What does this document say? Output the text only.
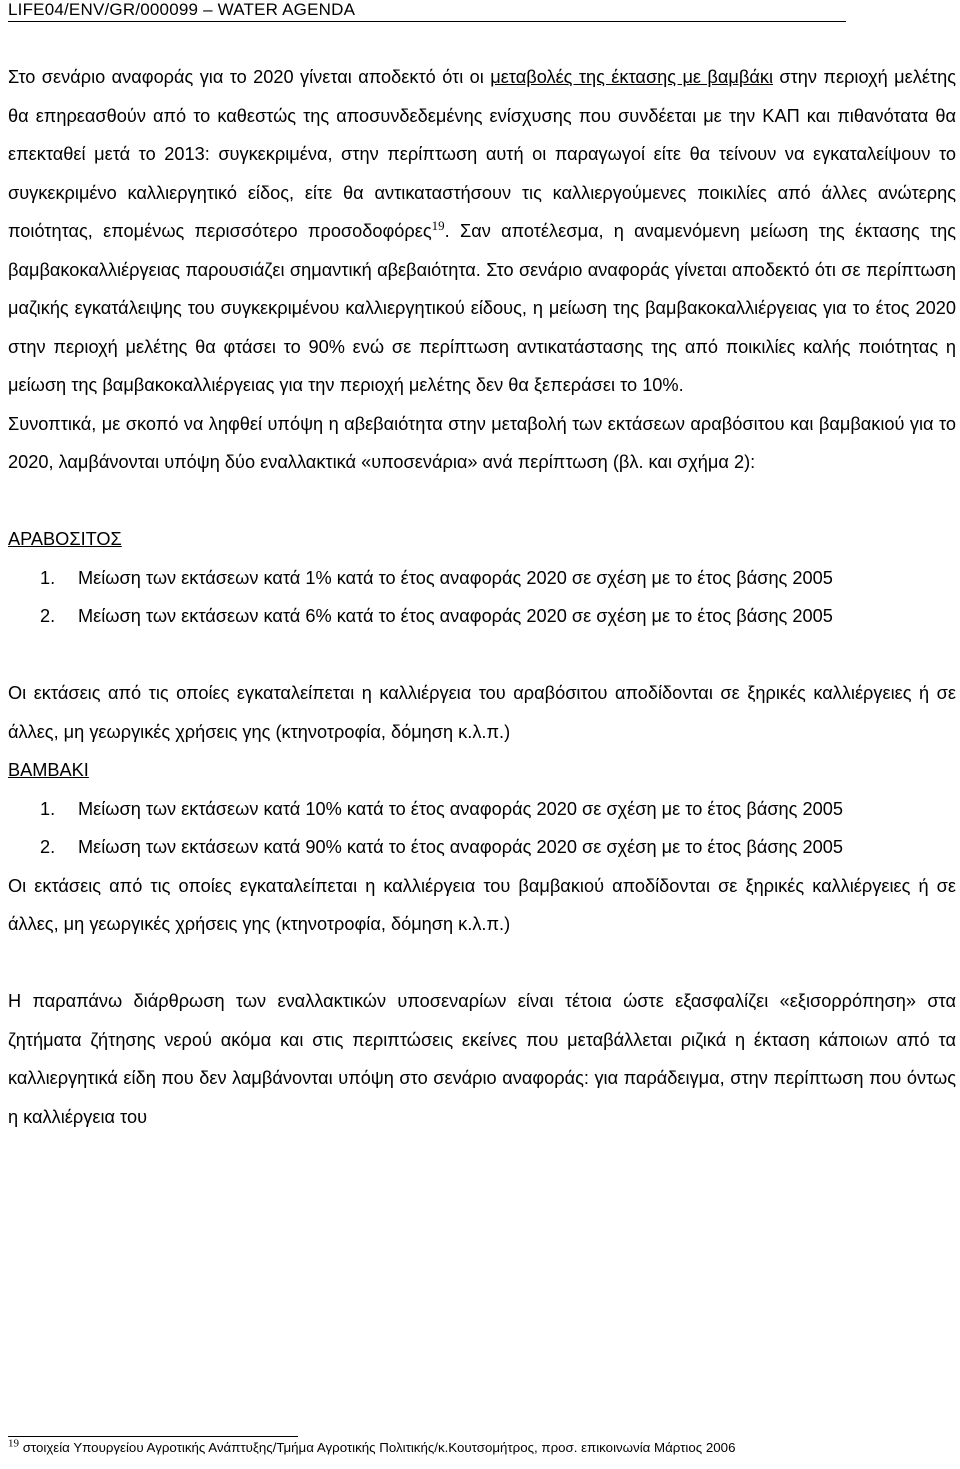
LIFE04/ENV/GR/000099 – WATER AGENDA

Στο σενάριο αναφοράς για το 2020 γίνεται αποδεκτό ότι οι μεταβολές της έκτασης με βαμβάκι στην περιοχή μελέτης θα επηρεασθούν από το καθεστώς της αποσυνδεδεμένης ενίσχυσης που συνδέεται με την ΚΑΠ και πιθανότατα θα επεκταθεί μετά το 2013: συγκεκριμένα, στην περίπτωση αυτή οι παραγωγοί είτε θα τείνουν να εγκαταλείψουν το συγκεκριμένο καλλιεργητικό είδος, είτε θα αντικαταστήσουν τις καλλιεργούμενες ποικιλίες από άλλες ανώτερης ποιότητας, επομένως περισσότερο προσοδοφόρες$^{19}$. Σαν αποτέλεσμα, η αναμενόμενη μείωση της έκτασης της βαμβακοκαλλιέργειας παρουσιάζει σημαντική αβεβαιότητα. Στο σενάριο αναφοράς γίνεται αποδεκτό ότι σε περίπτωση μαζικής εγκατάλειψης του συγκεκριμένου καλλιεργητικού είδους, η μείωση της βαμβακοκαλλιέργειας για το έτος 2020 στην περιοχή μελέτης θα φτάσει το 90% ενώ σε περίπτωση αντικατάστασης της από ποικιλίες καλής ποιότητας η μείωση της βαμβακοκαλλιέργειας για την περιοχή μελέτης δεν θα ξεπεράσει το 10%.

Συνοπτικά, με σκοπό να ληφθεί υπόψη η αβεβαιότητα στην μεταβολή των εκτάσεων αραβόσιτου και βαμβακιού για το 2020, λαμβάνονται υπόψη δύο εναλλακτικά «υποσενάρια» ανά περίπτωση (βλ. και σχήμα 2):

ΑΡΑΒΟΣΙΤΟΣ

1.	Μείωση των εκτάσεων κατά 1% κατά το έτος αναφοράς 2020 σε σχέση με το έτος βάσης 2005
2.	Μείωση των εκτάσεων κατά 6% κατά το έτος αναφοράς 2020 σε σχέση με το έτος βάσης 2005

Οι εκτάσεις από τις οποίες εγκαταλείπεται η καλλιέργεια του αραβόσιτου αποδίδονται σε ξηρικές καλλιέργειες ή σε άλλες, μη γεωργικές χρήσεις γης (κτηνοτροφία, δόμηση κ.λ.π.)

ΒΑΜΒΑΚΙ

1.	Μείωση των εκτάσεων κατά 10% κατά το έτος αναφοράς 2020 σε σχέση με το έτος βάσης 2005
2.	Μείωση των εκτάσεων κατά 90% κατά το έτος αναφοράς 2020 σε σχέση με το έτος βάσης 2005

Οι εκτάσεις από τις οποίες εγκαταλείπεται η καλλιέργεια του βαμβακιού αποδίδονται σε ξηρικές καλλιέργειες ή σε άλλες, μη γεωργικές χρήσεις γης (κτηνοτροφία, δόμηση κ.λ.π.)

Η παραπάνω διάρθρωση των εναλλακτικών υποσεναρίων είναι τέτοια ώστε εξασφαλίζει «εξισορρόπηση» στα ζητήματα ζήτησης νερού ακόμα και στις περιπτώσεις εκείνες που μεταβάλλεται ριζικά η έκταση κάποιων από τα καλλιεργητικά είδη που δεν λαμβάνονται υπόψη στο σενάριο αναφοράς: για παράδειγμα, στην περίπτωση που όντως η καλλιέργεια του

$^{19}$ στοιχεία Υπουργείου Αγροτικής Ανάπτυξης/Τμήμα Αγροτικής Πολιτικής/κ.Κουτσομήτρος, προσ. επικοινωνία Μάρτιος 2006
